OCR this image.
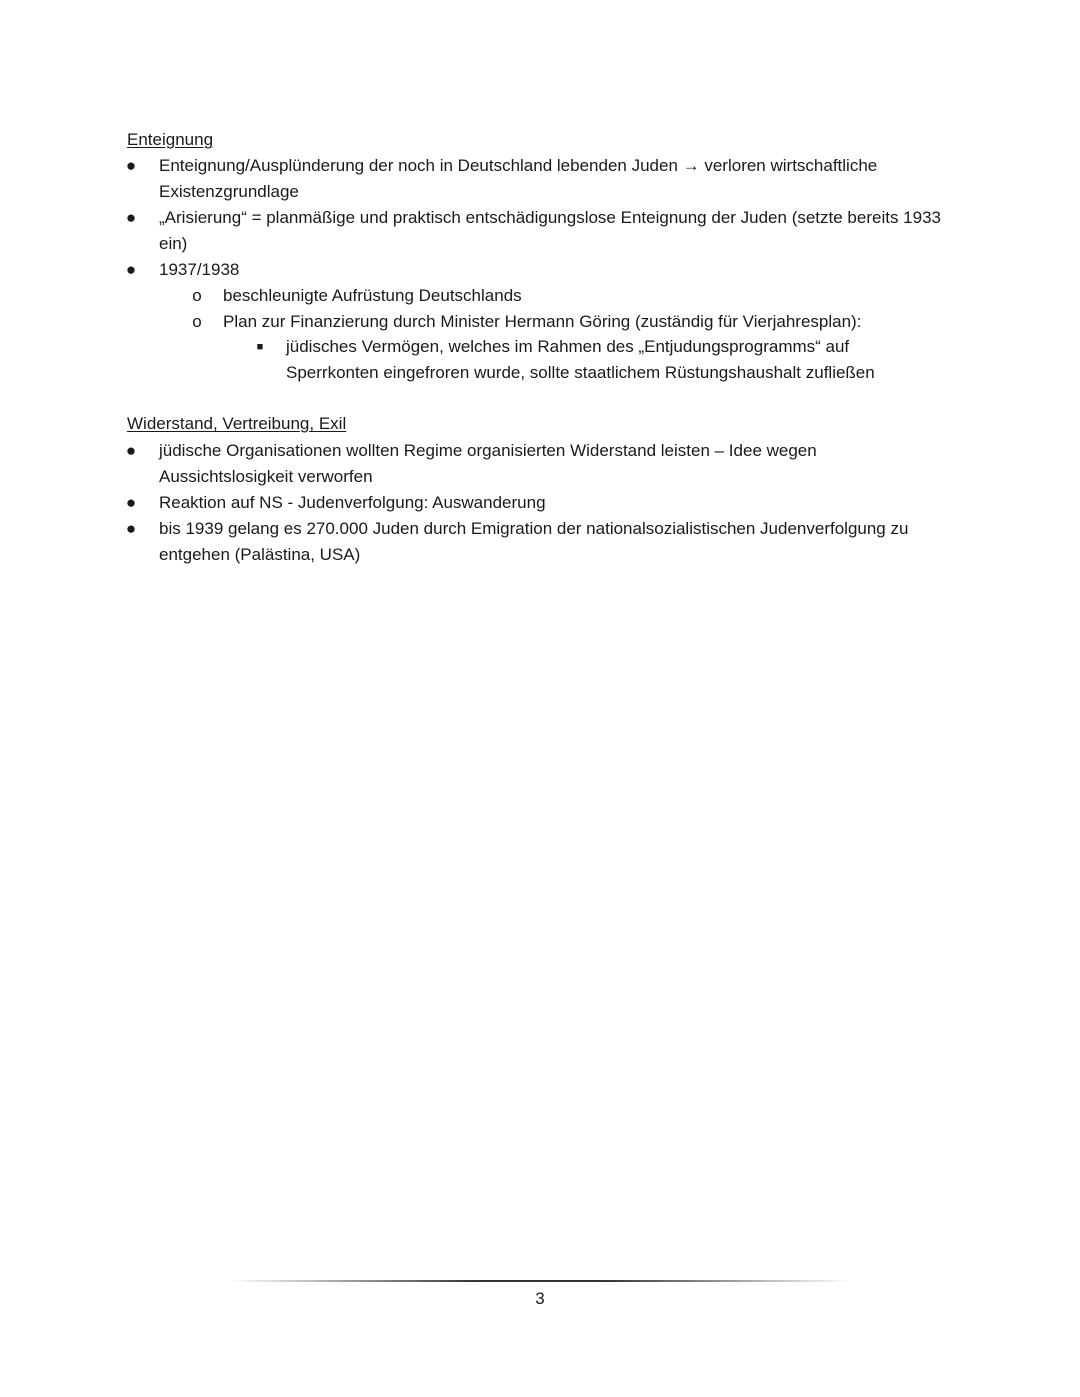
Enteignung
● Enteignung/Ausplünderung der noch in Deutschland lebenden Juden → verloren wirtschaftliche Existenzgrundlage

● „Arisierung“ = planmäßige und praktisch entschädigungslose Enteignung der Juden (setzte bereits 1933 ein)

● 1937/1938

o beschleunigte Aufrüstung Deutschlands

o Plan zur Finanzierung durch Minister Hermann Göring (zuständig für Vierjahresplan):

■ jüdisches Vermögen, welches im Rahmen des „Entjudungsprogramms“ auf Sperrkonten eingefroren wurde, sollte staatlichem Rüstungshaushalt zufließen

Widerstand, Vertreibung, Exil
● jüdische Organisationen wollten Regime organisierten Widerstand leisten – Idee wegen Aussichtslosigkeit verworfen

● Reaktion auf NS - Judenverfolgung: Auswanderung

● bis 1939 gelang es 270.000 Juden durch Emigration der nationalsozialistischen Judenverfolgung zu entgehen (Palästina, USA)

3
